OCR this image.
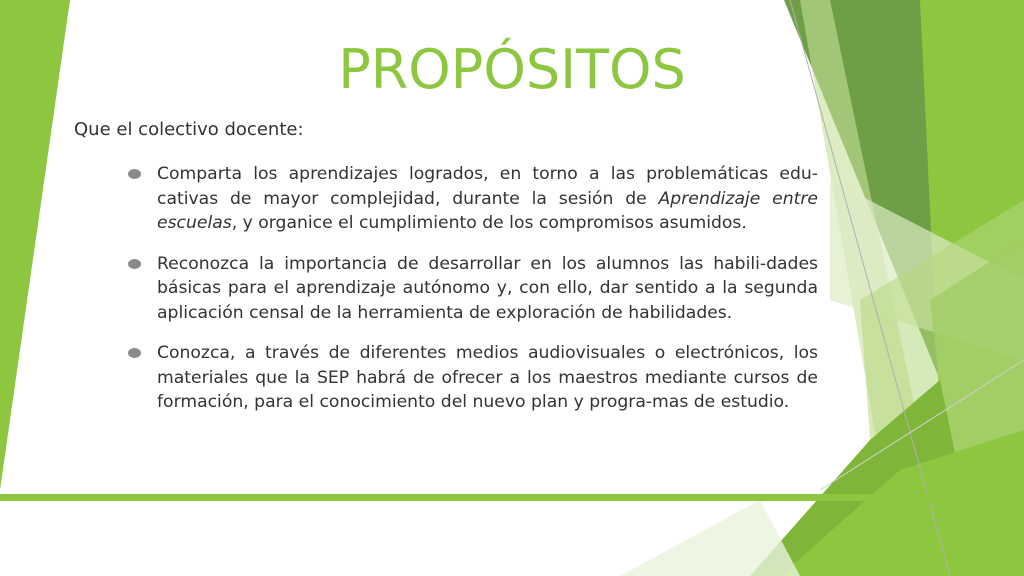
PROPÓSITOS

Que el colectivo docente:

Comparta los aprendizajes logrados, en torno a las problemáticas edu-cativas de mayor complejidad, durante la sesión de Aprendizaje entre escuelas, y organice el cumplimiento de los compromisos asumidos.
Reconozca la importancia de desarrollar en los alumnos las habili-dades básicas para el aprendizaje autónomo y, con ello, dar sentido a la segunda aplicación censal de la herramienta de exploración de habilidades.
Conozca, a través de diferentes medios audiovisuales o electrónicos, los materiales que la SEP habrá de ofrecer a los maestros mediante cursos de formación, para el conocimiento del nuevo plan y progra-mas de estudio.
